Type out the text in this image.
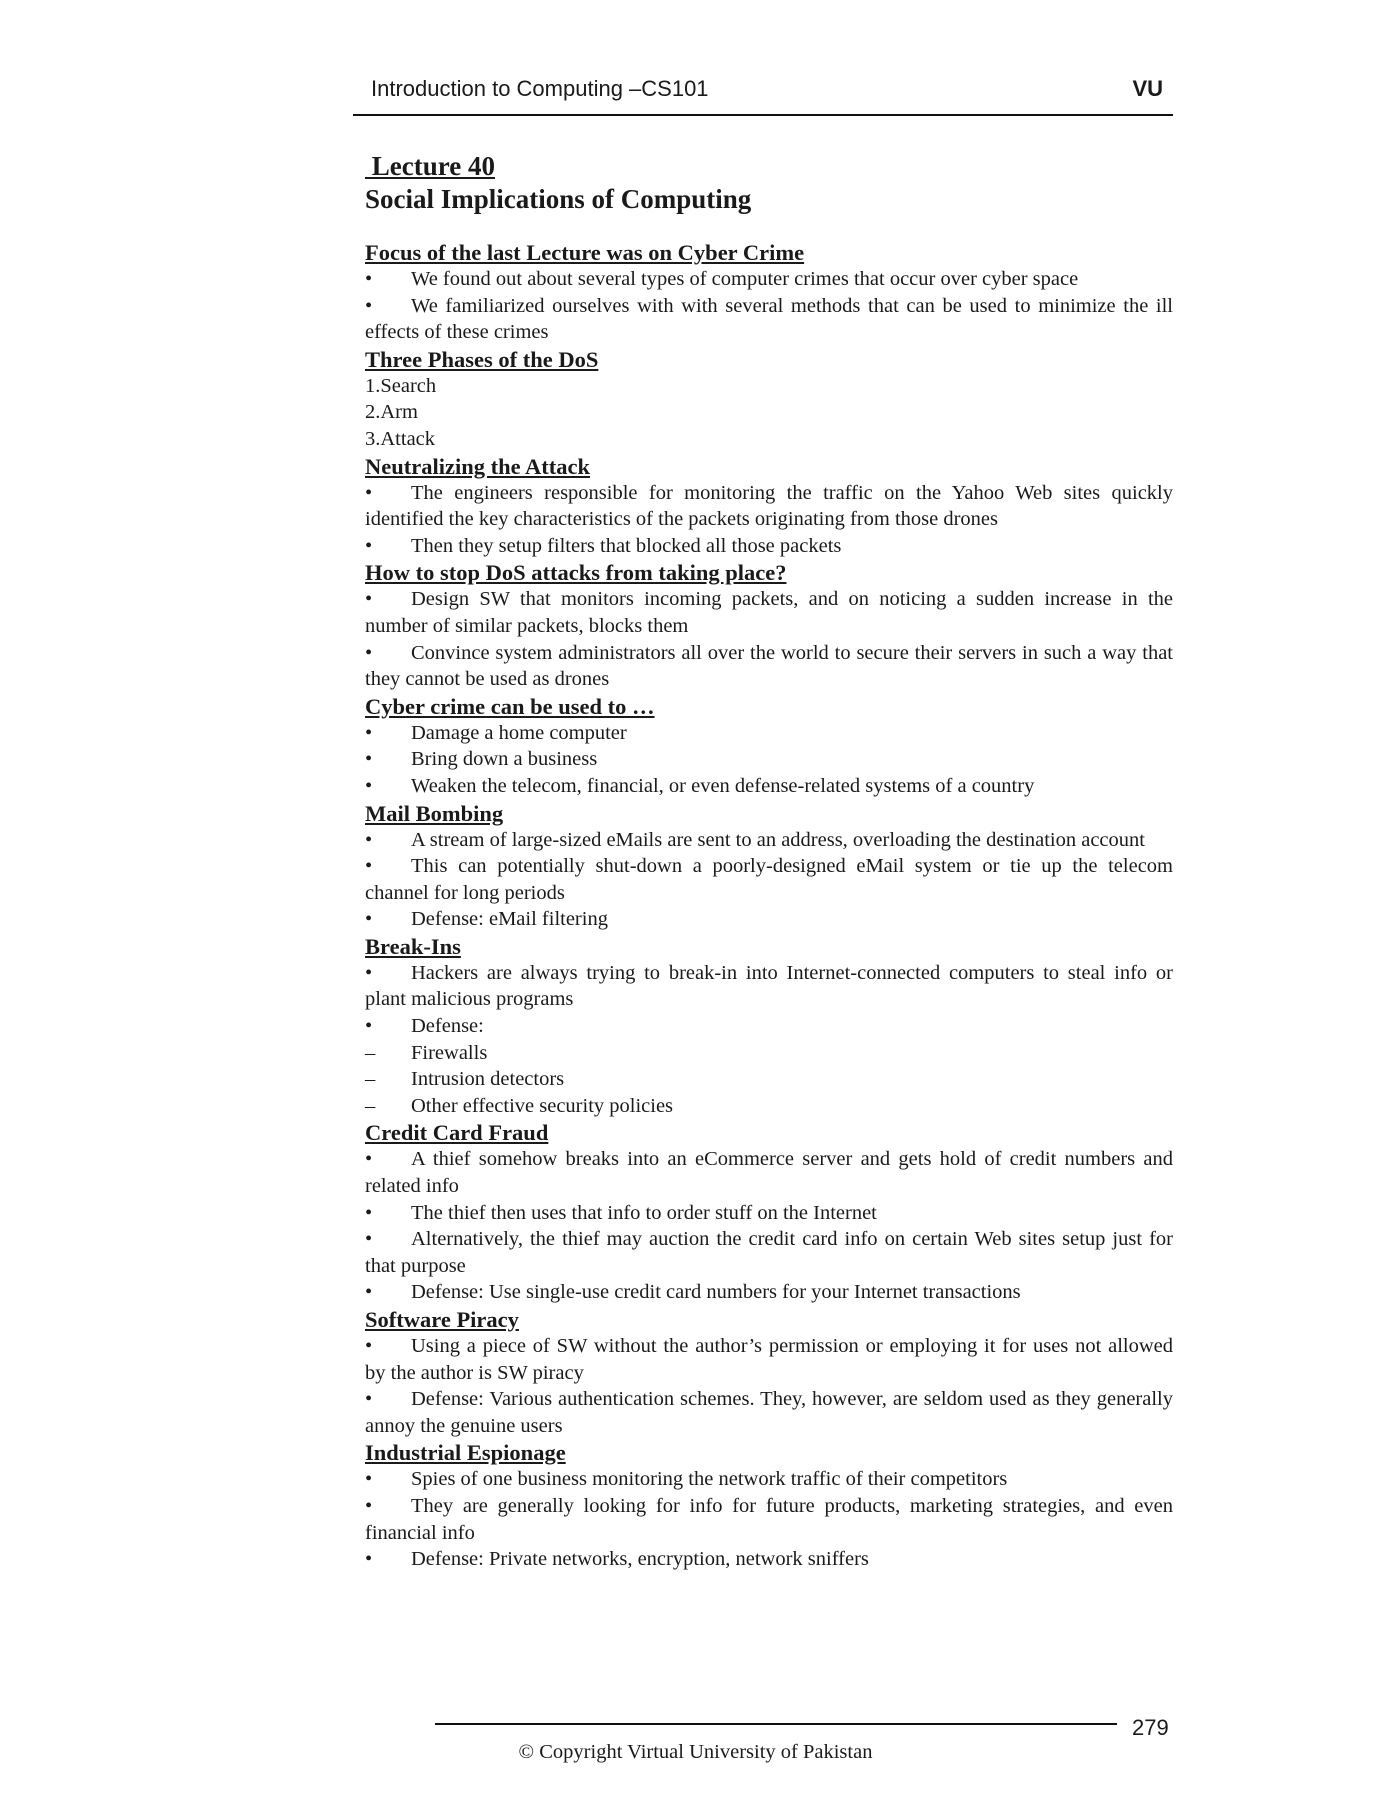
Introduction to Computing –CS101	VU
Lecture 40
Social Implications of Computing
Focus of the last Lecture was on Cyber Crime
• We found out about several types of computer crimes that occur over cyber space
• We familiarized ourselves with with several methods that can be used to minimize the ill effects of these crimes
Three Phases of the DoS
1.Search
2.Arm
3.Attack
Neutralizing the Attack
• The engineers responsible for monitoring the traffic on the Yahoo Web sites quickly identified the key characteristics of the packets originating from those drones
• Then they setup filters that blocked all those packets
How to stop DoS attacks from taking place?
• Design SW that monitors incoming packets, and on noticing a sudden increase in the number of similar packets, blocks them
• Convince system administrators all over the world to secure their servers in such a way that they cannot be used as drones
Cyber crime can be used to …
• Damage a home computer
• Bring down a business
• Weaken the telecom, financial, or even defense-related systems of a country
Mail Bombing
• A stream of large-sized eMails are sent to an address, overloading the destination account
• This can potentially shut-down a poorly-designed eMail system or tie up the telecom channel for long periods
• Defense: eMail filtering
Break-Ins
• Hackers are always trying to break-in into Internet-connected computers to steal info or plant malicious programs
• Defense:
– Firewalls
– Intrusion detectors
– Other effective security policies
Credit Card Fraud
• A thief somehow breaks into an eCommerce server and gets hold of credit numbers and related info
• The thief then uses that info to order stuff on the Internet
• Alternatively, the thief may auction the credit card info on certain Web sites setup just for that purpose
• Defense: Use single-use credit card numbers for your Internet transactions
Software Piracy
• Using a piece of SW without the author’s permission or employing it for uses not allowed by the author is SW piracy
• Defense: Various authentication schemes. They, however, are seldom used as they generally annoy the genuine users
Industrial Espionage
• Spies of one business monitoring the network traffic of their competitors
• They are generally looking for info for future products, marketing strategies, and even financial info
• Defense: Private networks, encryption, network sniffers
279
© Copyright Virtual University of Pakistan
